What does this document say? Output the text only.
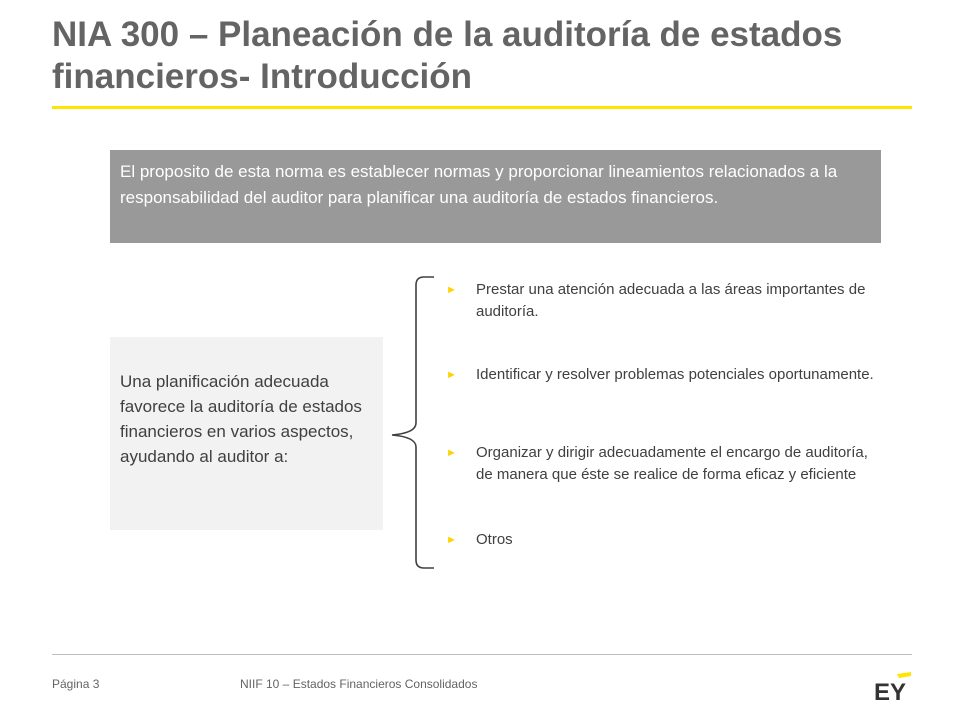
NIA 300 – Planeación de la auditoría de estados financieros- Introducción
El proposito de esta norma es establecer normas y proporcionar lineamientos relacionados a la responsabilidad del auditor para planificar una auditoría de estados financieros.
Una planificación adecuada favorece la auditoría de estados financieros en varios aspectos, ayudando al auditor a:
► Prestar una atención adecuada a las áreas importantes de auditoría.
► Identificar y resolver problemas potenciales oportunamente.
► Organizar y dirigir adecuadamente el encargo de auditoría, de manera que éste se realice de forma eficaz y eficiente
► Otros
Página 3	NIIF 10 – Estados Financieros Consolidados	EY
